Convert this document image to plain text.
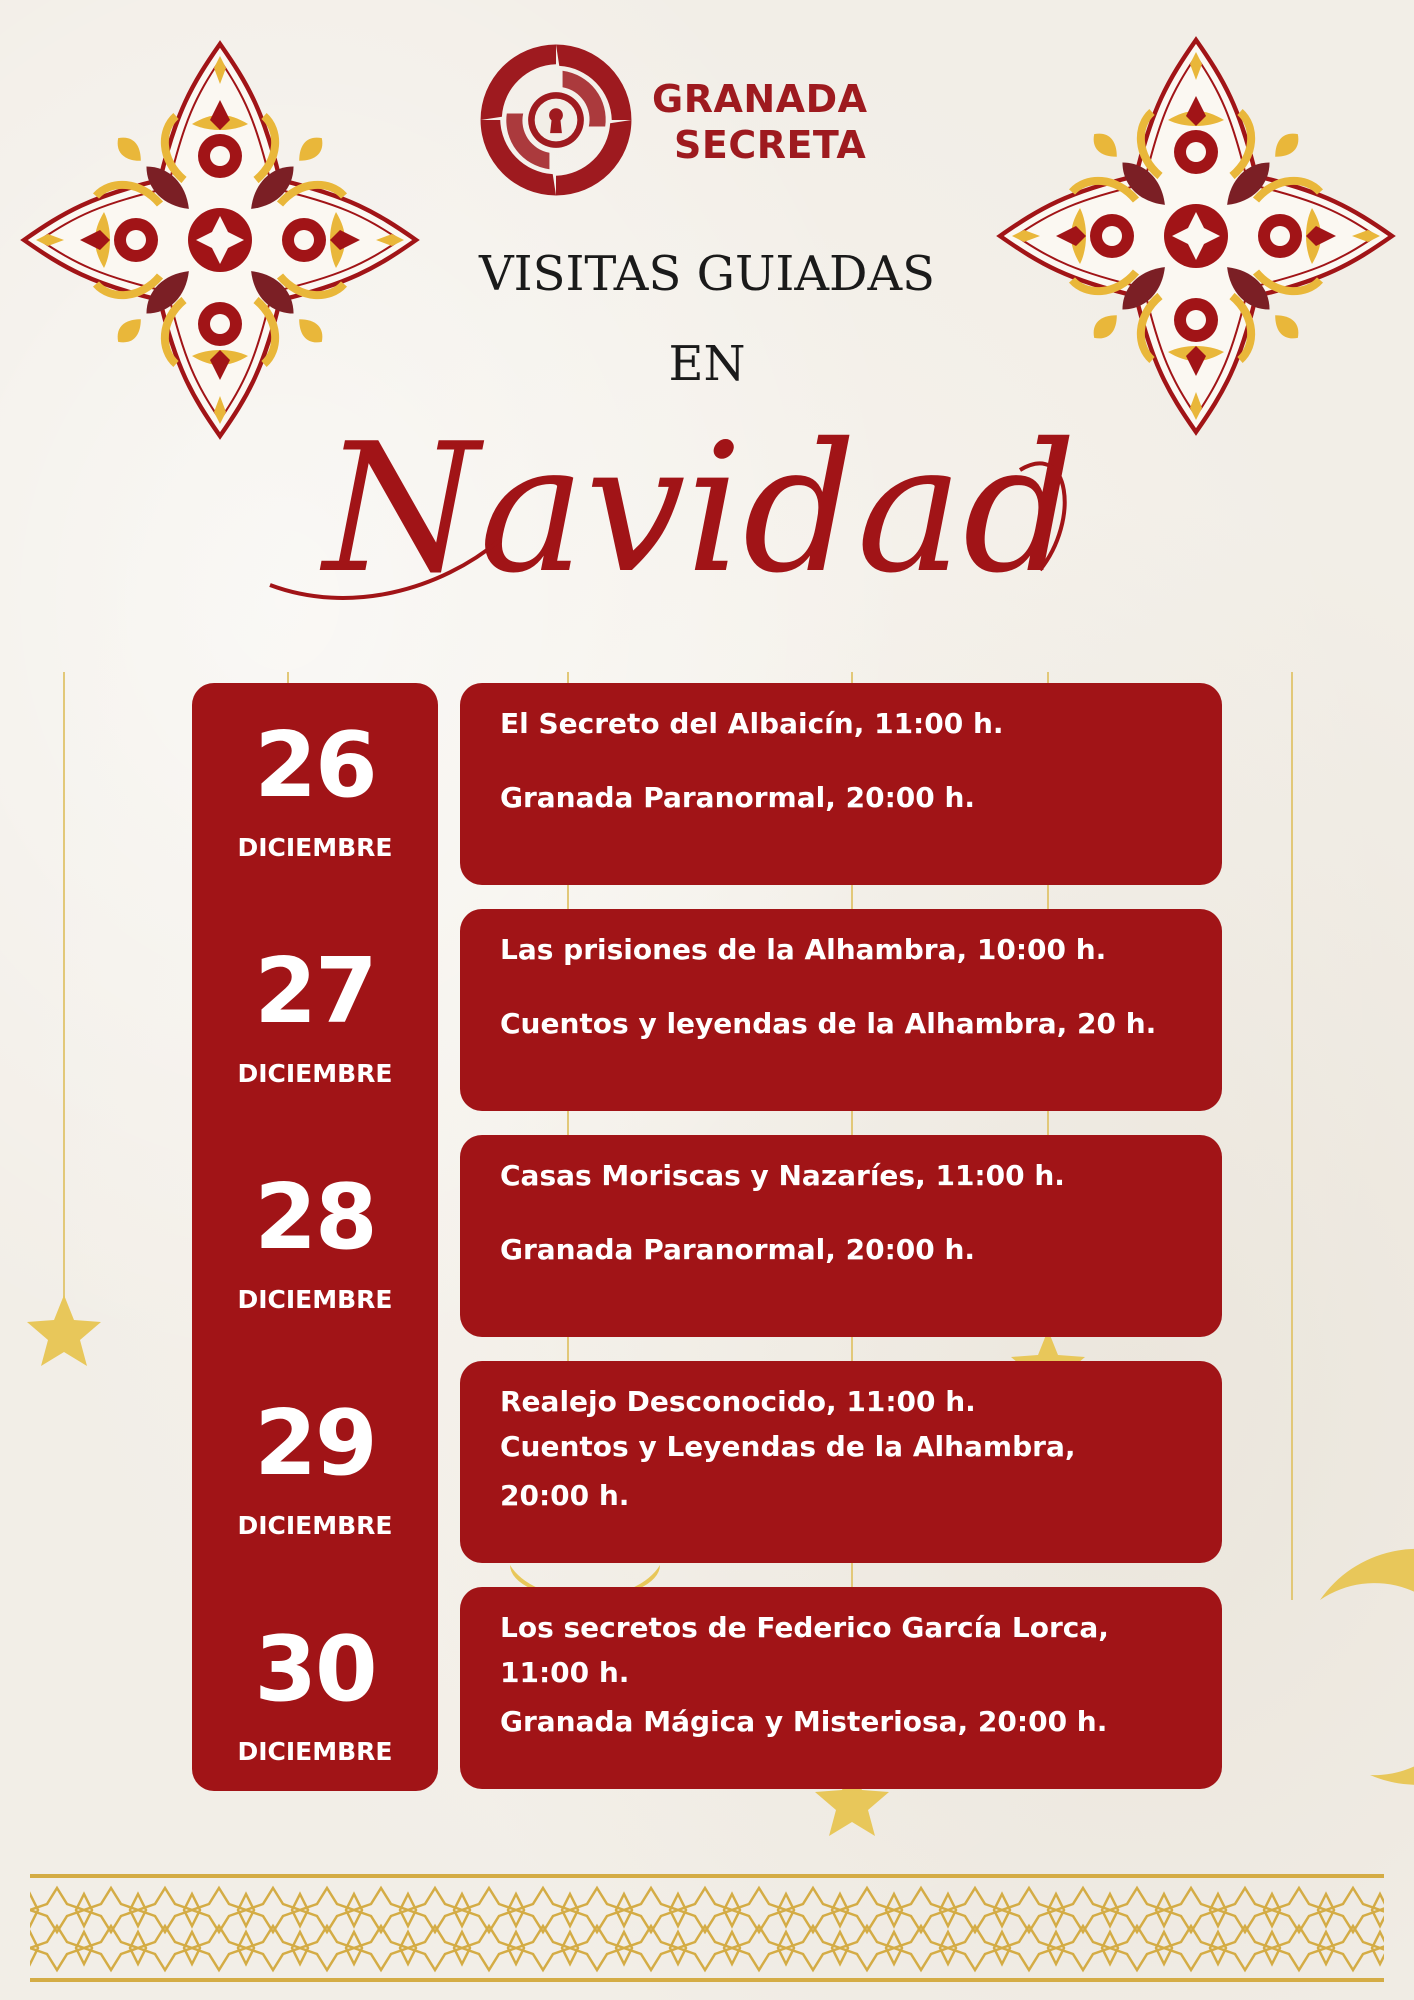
GRANADA
SECRETA
VISITAS GUIADAS
EN
Navidad
26
DICIEMBRE
El Secreto del Albaicín, 11:00 h.
Granada Paranormal, 20:00 h.
27
DICIEMBRE
Las prisiones de la Alhambra, 10:00 h.
Cuentos y leyendas de la Alhambra, 20 h.
28
DICIEMBRE
Casas Moriscas y Nazaríes, 11:00 h.
Granada Paranormal, 20:00 h.
29
DICIEMBRE
Realejo Desconocido, 11:00 h.
Cuentos y Leyendas de la Alhambra,
20:00 h.
30
DICIEMBRE
Los secretos de Federico García Lorca,
11:00 h.
Granada Mágica y Misteriosa, 20:00 h.
